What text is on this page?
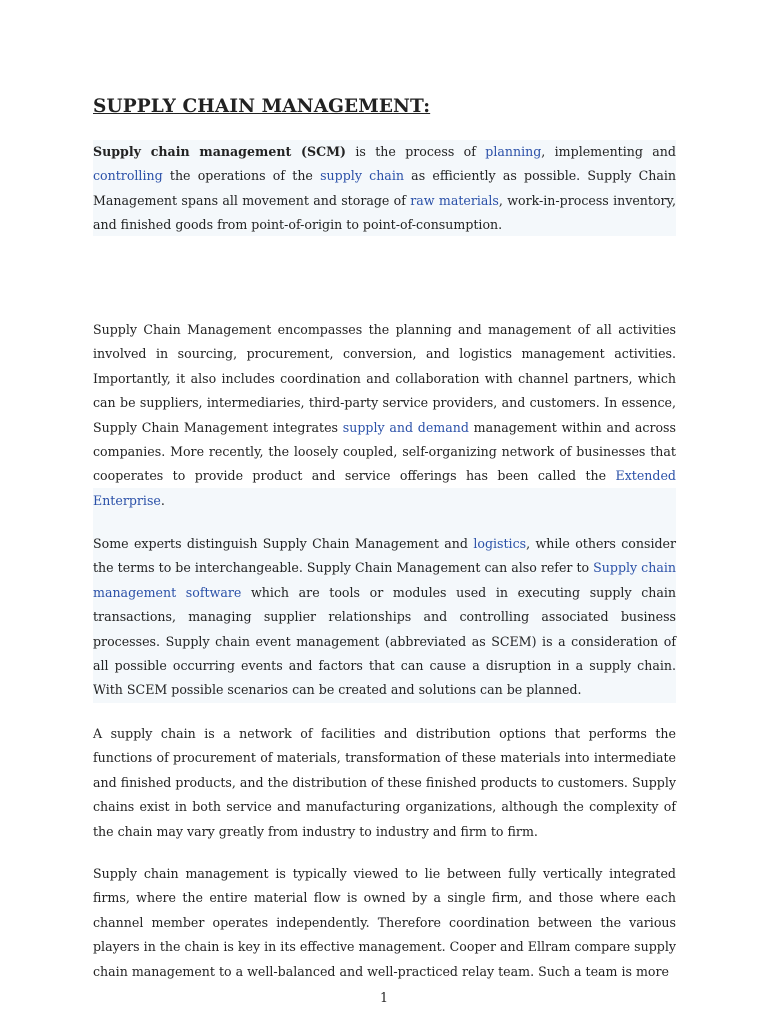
SUPPLY CHAIN MANAGEMENT:

Supply chain management (SCM) is the process of planning, implementing and controlling the operations of the supply chain as efficiently as possible. Supply Chain Management spans all movement and storage of raw materials, work-in-process inventory, and finished goods from point-of-origin to point-of-consumption.

Supply Chain Management encompasses the planning and management of all activities involved in sourcing, procurement, conversion, and logistics management activities. Importantly, it also includes coordination and collaboration with channel partners, which can be suppliers, intermediaries, third-party service providers, and customers. In essence, Supply Chain Management integrates supply and demand management within and across companies. More recently, the loosely coupled, self-organizing network of businesses that cooperates to provide product and service offerings has been called the Extended Enterprise.

Some experts distinguish Supply Chain Management and logistics, while others consider the terms to be interchangeable. Supply Chain Management can also refer to Supply chain management software which are tools or modules used in executing supply chain transactions, managing supplier relationships and controlling associated business processes. Supply chain event management (abbreviated as SCEM) is a consideration of all possible occurring events and factors that can cause a disruption in a supply chain. With SCEM possible scenarios can be created and solutions can be planned.

A supply chain is a network of facilities and distribution options that performs the functions of procurement of materials, transformation of these materials into intermediate and finished products, and the distribution of these finished products to customers. Supply chains exist in both service and manufacturing organizations, although the complexity of the chain may vary greatly from industry to industry and firm to firm.

Supply chain management is typically viewed to lie between fully vertically integrated firms, where the entire material flow is owned by a single firm, and those where each channel member operates independently. Therefore coordination between the various players in the chain is key in its effective management. Cooper and Ellram compare supply chain management to a well-balanced and well-practiced relay team. Such a team is more

1
